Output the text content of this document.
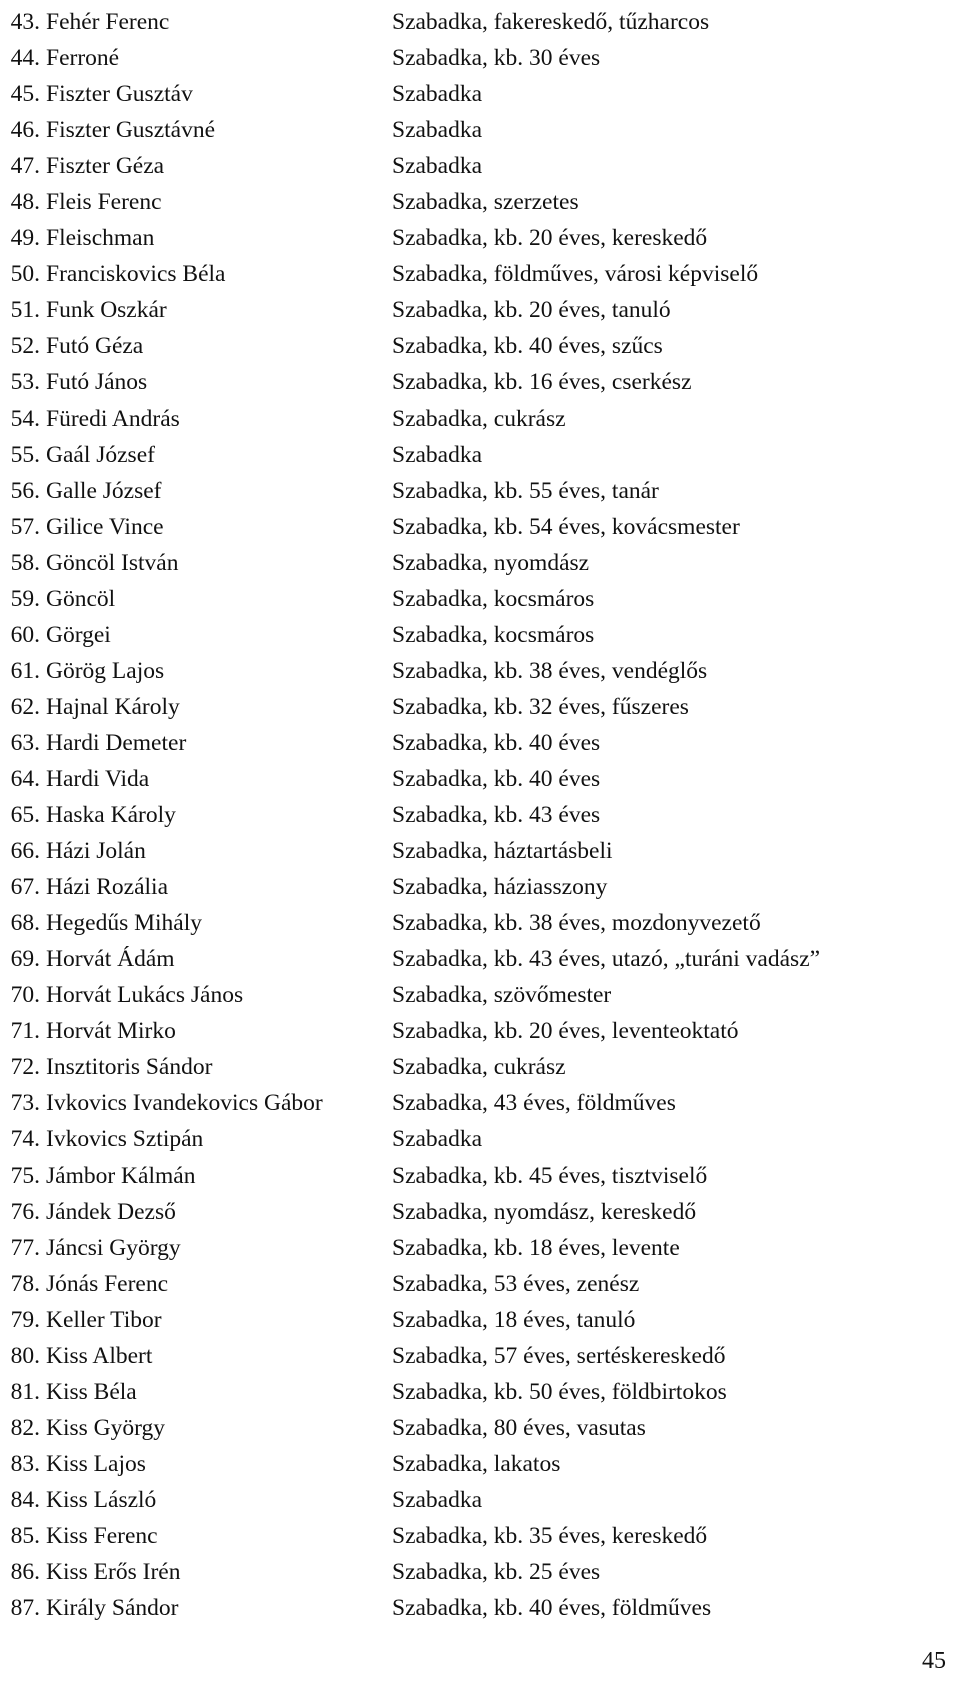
43. Fehér Ferenc	Szabadka, fakereskedő, tűzharcos
44. Ferroné	Szabadka, kb. 30 éves
45. Fiszter Gusztáv	Szabadka
46. Fiszter Gusztávné	Szabadka
47. Fiszter Géza	Szabadka
48. Fleis Ferenc	Szabadka, szerzetes
49. Fleischman	Szabadka, kb. 20 éves, kereskedő
50. Franciskovics Béla	Szabadka, földműves, városi képviselő
51. Funk Oszkár	Szabadka, kb. 20 éves, tanuló
52. Futó Géza	Szabadka, kb. 40 éves, szűcs
53. Futó János	Szabadka, kb. 16 éves, cserkész
54. Füredi András	Szabadka, cukrász
55. Gaál József	Szabadka
56. Galle József	Szabadka, kb. 55 éves, tanár
57. Gilice Vince	Szabadka, kb. 54 éves, kovácsmester
58. Göncöl István	Szabadka, nyomdász
59. Göncöl	Szabadka, kocsmáros
60. Görgei	Szabadka, kocsmáros
61. Görög Lajos	Szabadka, kb. 38 éves, vendéglős
62. Hajnal Károly	Szabadka, kb. 32 éves, fűszeres
63. Hardi Demeter	Szabadka, kb. 40 éves
64. Hardi Vida	Szabadka, kb. 40 éves
65. Haska Károly	Szabadka, kb. 43 éves
66. Házi Jolán	Szabadka, háztartásbeli
67. Házi Rozália	Szabadka, háziasszony
68. Hegedűs Mihály	Szabadka, kb. 38 éves, mozdonyvezető
69. Horvát Ádám	Szabadka, kb. 43 éves, utazó, „turáni vadász”
70. Horvát Lukács János	Szabadka, szövőmester
71. Horvát Mirko	Szabadka, kb. 20 éves, leventeoktató
72. Insztitoris Sándor	Szabadka, cukrász
73. Ivkovics Ivandekovics Gábor	Szabadka, 43 éves, földműves
74. Ivkovics Sztipán	Szabadka
75. Jámbor Kálmán	Szabadka, kb. 45 éves, tisztviselő
76. Jándek Dezső	Szabadka, nyomdász, kereskedő
77. Jáncsi György	Szabadka, kb. 18 éves, levente
78. Jónás Ferenc	Szabadka, 53 éves, zenész
79. Keller Tibor	Szabadka, 18 éves, tanuló
80. Kiss Albert	Szabadka, 57 éves, sertéskereskedő
81. Kiss Béla	Szabadka, kb. 50 éves, földbirtokos
82. Kiss György	Szabadka, 80 éves, vasutas
83. Kiss Lajos	Szabadka, lakatos
84. Kiss László	Szabadka
85. Kiss Ferenc	Szabadka, kb. 35 éves, kereskedő
86. Kiss Erős Irén	Szabadka, kb. 25 éves
87. Király Sándor	Szabadka, kb. 40 éves, földműves
45
